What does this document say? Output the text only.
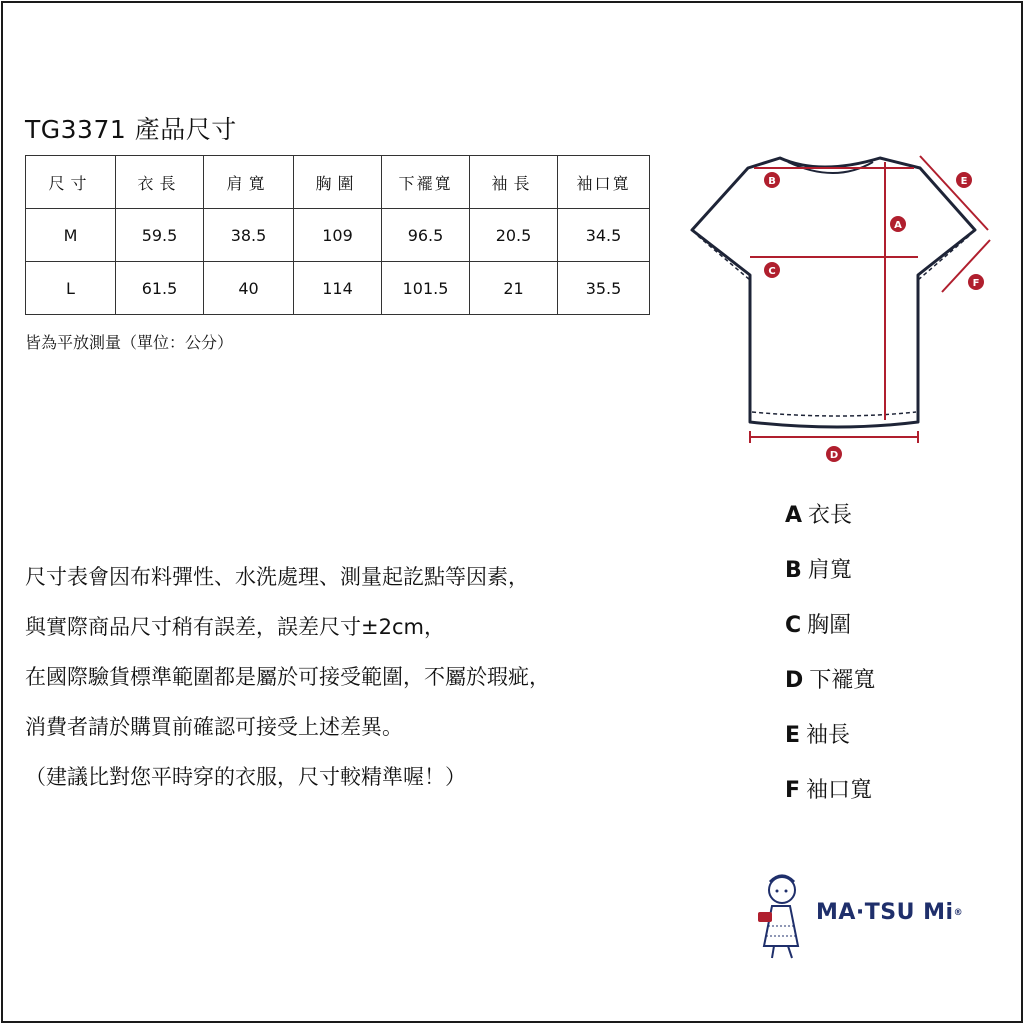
TG3371 產品尺寸
尺寸	衣長	肩寬	胸圍	下襬寬	袖長	袖口寬
M	59.5	38.5	109	96.5	20.5	34.5
L	61.5	40	114	101.5	21	35.5
皆為平放測量（單位：公分）

尺寸表會因布料彈性、水洗處理、測量起訖點等因素，

與實際商品尺寸稍有誤差，誤差尺寸±2cm，

在國際驗貨標準範圍都是屬於可接受範圍，不屬於瑕疵，

消費者請於購買前確認可接受上述差異。

（建議比對您平時穿的衣服，尺寸較精準喔！）

B
A
C
D
E
F
A 衣長
B 肩寬
C 胸圍
D 下襬寬
E 袖長
F 袖口寬
MA·TSU Mi®
